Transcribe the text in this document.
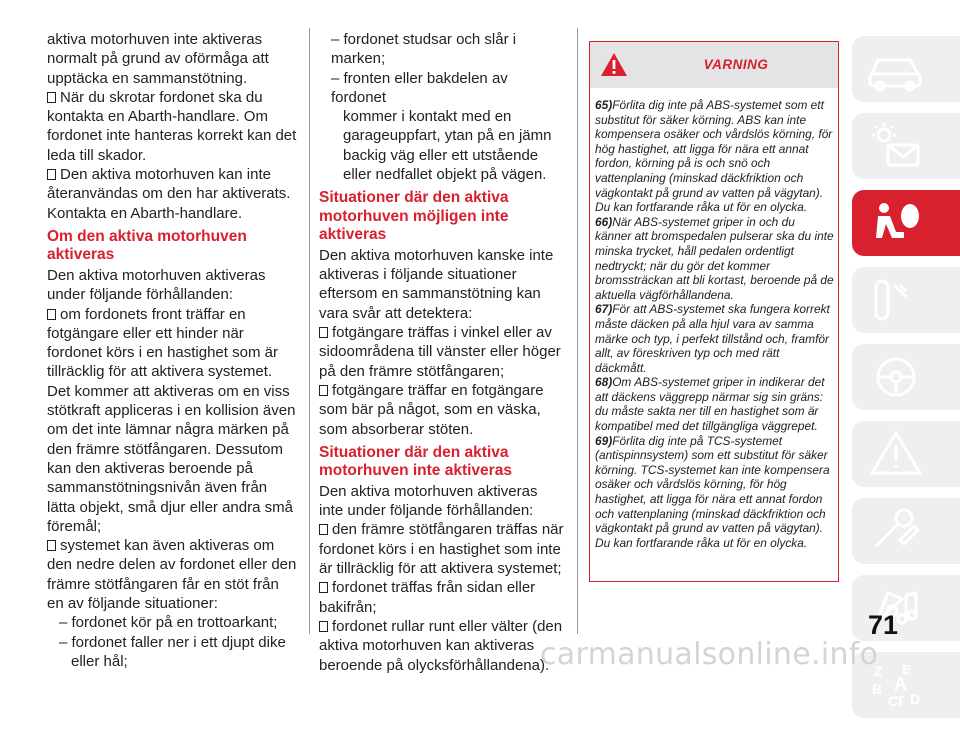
aktiva motorhuven inte aktiveras normalt på grund av oförmåga att upptäcka en sammanstötning.

När du skrotar fordonet ska du kontakta en Abarth-handlare. Om fordonet inte hanteras korrekt kan det leda till skador.

Den aktiva motorhuven kan inte återanvändas om den har aktiverats. Kontakta en Abarth-handlare.

Om den aktiva motorhuven aktiveras

Den aktiva motorhuven aktiveras under följande förhållanden:

om fordonets front träffar en fotgängare eller ett hinder när fordonet körs i en hastighet som är tillräcklig för att aktivera systemet. Det kommer att aktiveras om en viss stötkraft appliceras i en kollision även om det inte lämnar några märken på den främre stötfångaren. Dessutom kan den aktiveras beroende på sammanstötningsnivån även från lätta objekt, små djur eller andra små föremål;

systemet kan även aktiveras om den nedre delen av fordonet eller den främre stötfångaren får en stöt från en av följande situationer:

– fordonet kör på en trottoarkant;

– fordonet faller ner i ett djupt dike
eller hål;

– fordonet studsar och slår i marken;

– fronten eller bakdelen av fordonet
kommer i kontakt med en garageuppfart, ytan på en jämn backig väg eller ett utstående eller nedfallet objekt på vägen.

Situationer där den aktiva motorhuven möjligen inte aktiveras

Den aktiva motorhuven kanske inte aktiveras i följande situationer eftersom en sammanstötning kan vara svår att detektera:

fotgängare träffas i vinkel eller av sidoområdena till vänster eller höger på den främre stötfångaren;

fotgängare träffar en fotgängare som bär på något, som en väska, som absorberar stöten.

Situationer där den aktiva motorhuven inte aktiveras

Den aktiva motorhuven aktiveras inte under följande förhållanden:

den främre stötfångaren träffas när fordonet körs i en hastighet som inte är tillräcklig för att aktivera systemet;

fordonet träffas från sidan eller bakifrån;

fordonet rullar runt eller välter (den aktiva motorhuven kan aktiveras beroende på olycksförhållandena).

VARNING

65)Förlita dig inte på ABS-systemet som ett substitut för säker körning. ABS kan inte kompensera osäker och vårdslös körning, för hög hastighet, att ligga för nära ett annat fordon, körning på is och snö och vattenplaning (minskad däckfriktion och vägkontakt på grund av vatten på vägytan). Du kan fortfarande råka ut för en olycka.

66)När ABS-systemet griper in och du känner att bromspedalen pulserar ska du inte minska trycket, håll pedalen ordentligt nedtryckt; när du gör det kommer bromssträckan att bli kortast, beroende på de aktuella vägförhållandena.

67)För att ABS-systemet ska fungera korrekt måste däcken på alla hjul vara av samma märke och typ, i perfekt tillstånd och, framför allt, av föreskriven typ och med rätt däckmått.

68)Om ABS-systemet griper in indikerar det att däckens väggrepp närmar sig sin gräns: du måste sakta ner till en hastighet som är kompatibel med det tillgängliga väggrepet.

69)Förlita dig inte på TCS-systemet (antispinnsystem) som ett substitut för säker körning. TCS-systemet kan inte kompensera osäker och vårdslös körning, för hög hastighet, att ligga för nära ett annat fordon och vattenplaning (minskad däckfriktion och vägkontakt på grund av vatten på vägytan). Du kan fortfarande råka ut för en olycka.

Z E
A
B
C
T D
71
carmanualsonline.info
